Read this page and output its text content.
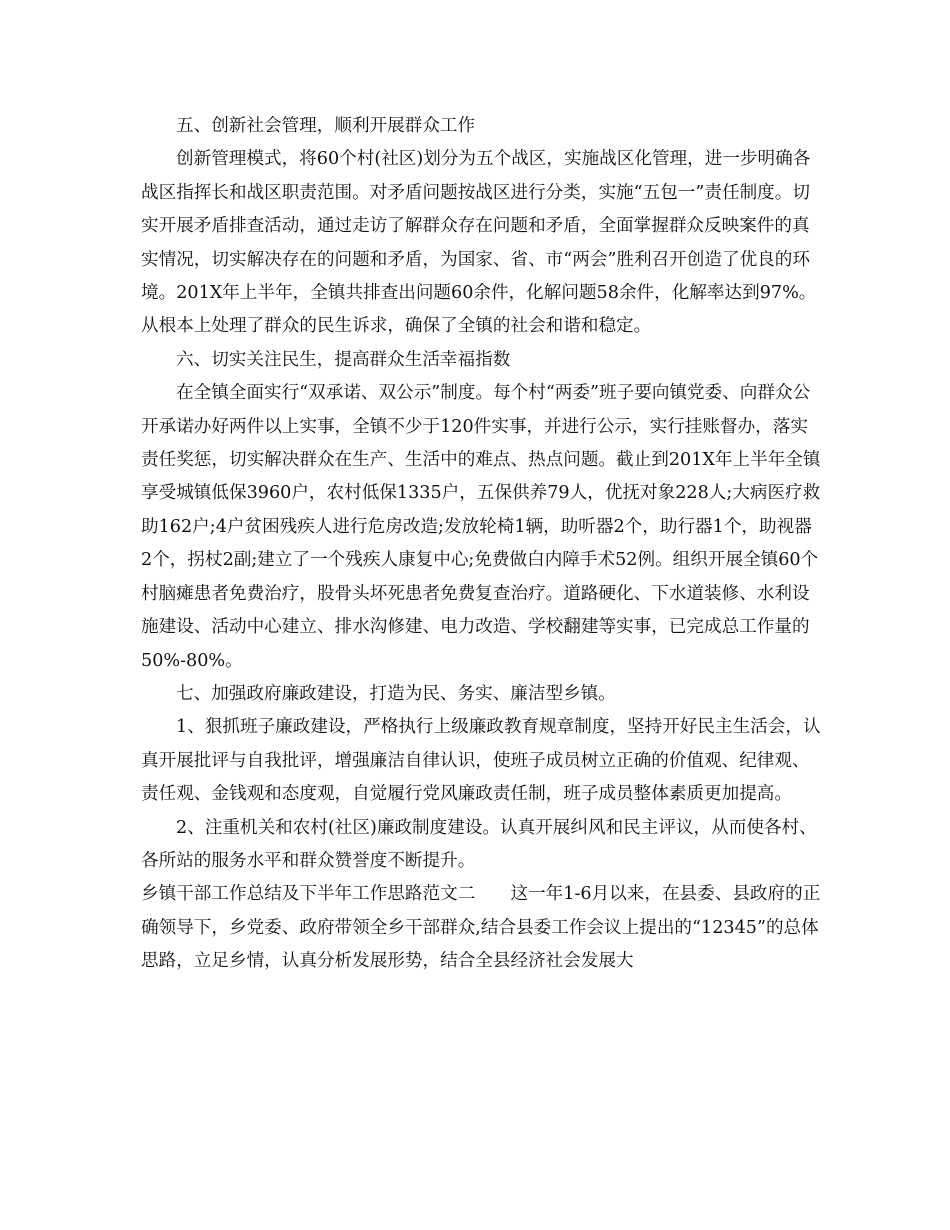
五、创新社会管理，顺利开展群众工作

创新管理模式，将60个村(社区)划分为五个战区，实施战区化管理，进一步明确各战区指挥长和战区职责范围。对矛盾问题按战区进行分类，实施“五包一”责任制度。切实开展矛盾排查活动，通过走访了解群众存在问题和矛盾，全面掌握群众反映案件的真实情况，切实解决存在的问题和矛盾，为国家、省、市“两会”胜利召开创造了优良的环境。201X年上半年，全镇共排查出问题60余件，化解问题58余件，化解率达到97%。从根本上处理了群众的民生诉求，确保了全镇的社会和谐和稳定。

六、切实关注民生，提高群众生活幸福指数

在全镇全面实行“双承诺、双公示”制度。每个村“两委”班子要向镇党委、向群众公开承诺办好两件以上实事，全镇不少于120件实事，并进行公示，实行挂账督办，落实责任奖惩，切实解决群众在生产、生活中的难点、热点问题。截止到201X年上半年全镇享受城镇低保3960户，农村低保1335户，五保供养79人，优抚对象228人;大病医疗救助162户;4户贫困残疾人进行危房改造;发放轮椅1辆，助听器2个，助行器1个，助视器2个，拐杖2副;建立了一个残疾人康复中心;免费做白内障手术52例。组织开展全镇60个村脑瘫患者免费治疗，股骨头坏死患者免费复查治疗。道路硬化、下水道装修、水利设施建设、活动中心建立、排水沟修建、电力改造、学校翻建等实事，已完成总工作量的50%-80%。

七、加强政府廉政建设，打造为民、务实、廉洁型乡镇。

1、狠抓班子廉政建设，严格执行上级廉政教育规章制度，坚持开好民主生活会，认真开展批评与自我批评，增强廉洁自律认识，使班子成员树立正确的价值观、纪律观、责任观、金钱观和态度观，自觉履行党风廉政责任制，班子成员整体素质更加提高。

2、注重机关和农村(社区)廉政制度建设。认真开展纠风和民主评议，从而使各村、各所站的服务水平和群众赞誉度不断提升。

乡镇干部工作总结及下半年工作思路范文二　　这一年1-6月以来，在县委、县政府的正确领导下，乡党委、政府带领全乡干部群众,结合县委工作会议上提出的“12345”的总体思路，立足乡情，认真分析发展形势，结合全县经济社会发展大
